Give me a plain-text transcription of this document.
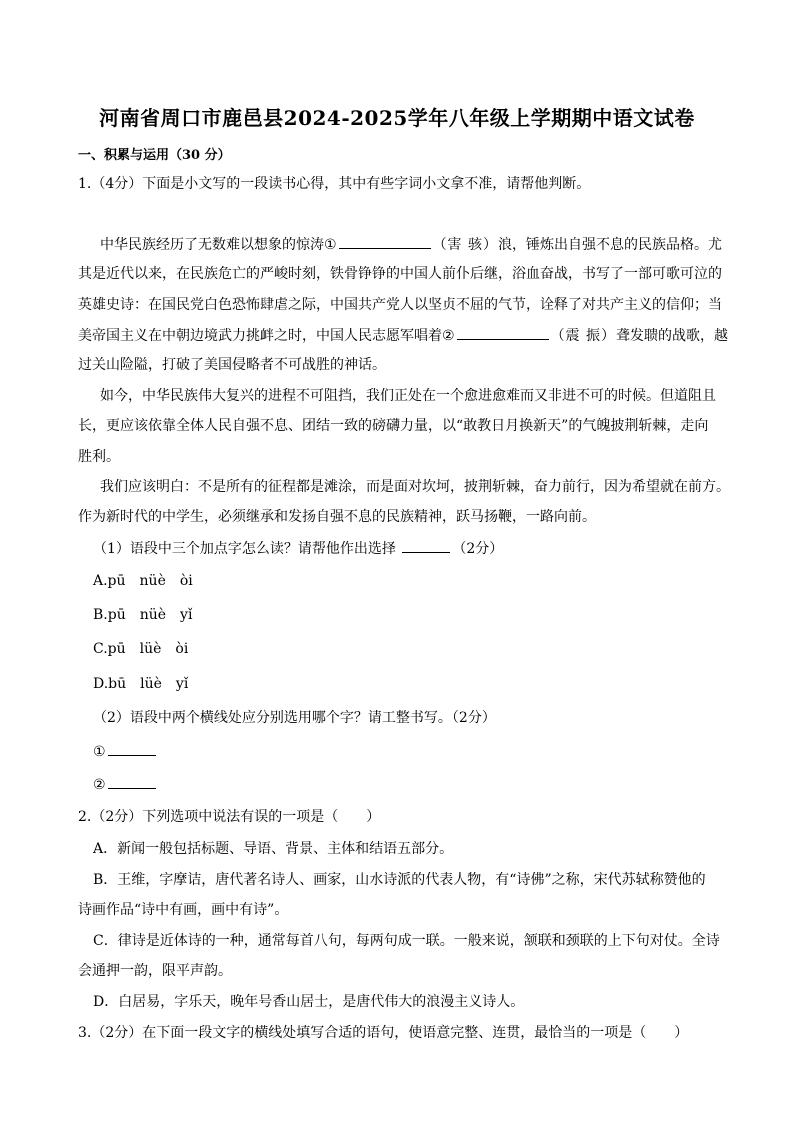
河南省周口市鹿邑县2024-2025学年八年级上学期期中语文试卷
一、积累与运用（30 分）
1.（4分）下面是小文写的一段读书心得，其中有些字词小文拿不准，请帮他判断。
中华民族经历了无数难以想象的惊涛①	（害 骇）浪，锤炼出自强不息的民族品格。尤
其是近代以来，在民族危亡的严峻时刻，铁骨铮铮的中国人前仆后继，浴血奋战，书写了一部可歌可泣的
英雄史诗：在国民党白色恐怖肆虐之际，中国共产党人以坚贞不屈的气节，诠释了对共产主义的信仰；当
美帝国主义在中朝边境武力挑衅之时，中国人民志愿军唱着②	（震 振）聋发聩的战歌，越
过关山险隘，打破了美国侵略者不可战胜的神话。
如今，中华民族伟大复兴的进程不可阻挡，我们正处在一个愈进愈难而又非进不可的时候。但道阻且
长，更应该依靠全体人民自强不息、团结一致的磅礴力量，以“敢教日月换新天”的气魄披荆斩棘，走向
胜利。
我们应该明白：不是所有的征程都是滩涂，而是面对坎坷，披荆斩棘，奋力前行，因为希望就在前方。
作为新时代的中学生，必须继承和发扬自强不息的民族精神，跃马扬鞭，一路向前。
（1）语段中三个加点字怎么读？请帮他作出选择	（2分）
A.pū　nüè　òi
B.pū　nüè　yǐ
C.pū　lüè　òi
D.bū　lüè　yǐ
（2）语段中两个横线处应分别选用哪个字？请工整书写。（2分）
①
②
2.（2分）下列选项中说法有误的一项是（　　）
A．新闻一般包括标题、导语、背景、主体和结语五部分。
B．王维，字摩诘，唐代著名诗人、画家，山水诗派的代表人物，有“诗佛”之称，宋代苏轼称赞他的
诗画作品“诗中有画，画中有诗”。
C．律诗是近体诗的一种，通常每首八句，每两句成一联。一般来说，颔联和颈联的上下句对仗。全诗
会通押一韵，限平声韵。
D．白居易，字乐天，晚年号香山居士，是唐代伟大的浪漫主义诗人。
3.（2分）在下面一段文字的横线处填写合适的语句，使语意完整、连贯，最恰当的一项是（　　）
